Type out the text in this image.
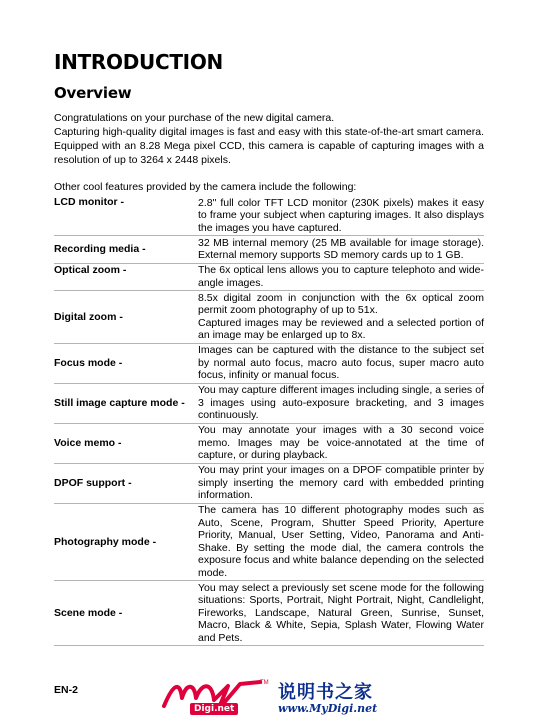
INTRODUCTION
Overview

Congratulations on your purchase of the new digital camera.

Capturing high-quality digital images is fast and easy with this state-of-the-art smart camera. Equipped with an 8.28 Mega pixel CCD, this camera is capable of capturing images with a resolution of up to 3264 x 2448 pixels.

Other cool features provided by the camera include the following:
LCD monitor -	2.8" full color TFT LCD monitor (230K pixels) makes it easy to frame your subject when capturing images. It also displays the images you have captured.

Recording media -

32 MB internal memory (25 MB available for image storage). External memory supports SD memory cards up to 1 GB.

Optical zoom -	The 6x optical lens allows you to capture telephoto and wide-angle images.

Digital zoom -

8.5x digital zoom in conjunction with the 6x optical zoom permit zoom photography of up to 51x.

Captured images may be reviewed and a selected portion of an image may be enlarged up to 8x.

Focus mode -

Images can be captured with the distance to the subject set by normal auto focus, macro auto focus, super macro auto focus, infinity or manual focus.

Still image capture mode -

You may capture different images including single, a series of 3 images using auto-exposure bracketing, and 3 images continuously.

Voice memo -

You may annotate your images with a 30 second voice memo. Images may be voice-annotated at the time of capture, or during playback.

DPOF support -

You may print your images on a DPOF compatible printer by simply inserting the memory card with embedded printing information.

Photography mode -

The camera has 10 different photography modes such as Auto, Scene, Program, Shutter Speed Priority, Aperture Priority, Manual, User Setting, Video, Panorama and Anti-Shake. By setting the mode dial, the camera controls the exposure focus and white balance depending on the selected mode.

Scene mode -

You may select a previously set scene mode for the following situations: Sports, Portrait, Night Portrait, Night, Candlelight, Fireworks, Landscape, Natural Green, Sunrise, Sunset, Macro, Black & White, Sepia, Splash Water, Flowing Water and Pets.

EN-2
TM
Digi.net
说明书之家
www.MyDigi.net
